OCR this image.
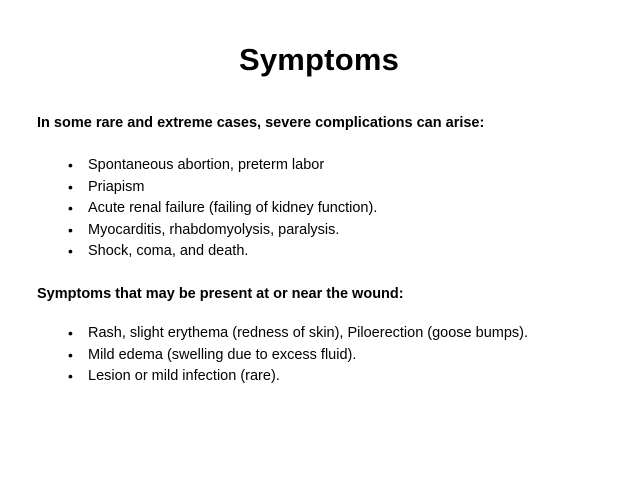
Symptoms
In some rare and extreme cases, severe complications can arise:
• Spontaneous abortion, preterm labor
• Priapism
• Acute renal failure (failing of kidney function).
• Myocarditis, rhabdomyolysis, paralysis.
• Shock, coma, and death.
Symptoms that may be present at or near the wound:
• Rash, slight erythema (redness of skin), Piloerection (goose bumps).
• Mild edema (swelling due to excess fluid).
• Lesion or mild infection (rare).
